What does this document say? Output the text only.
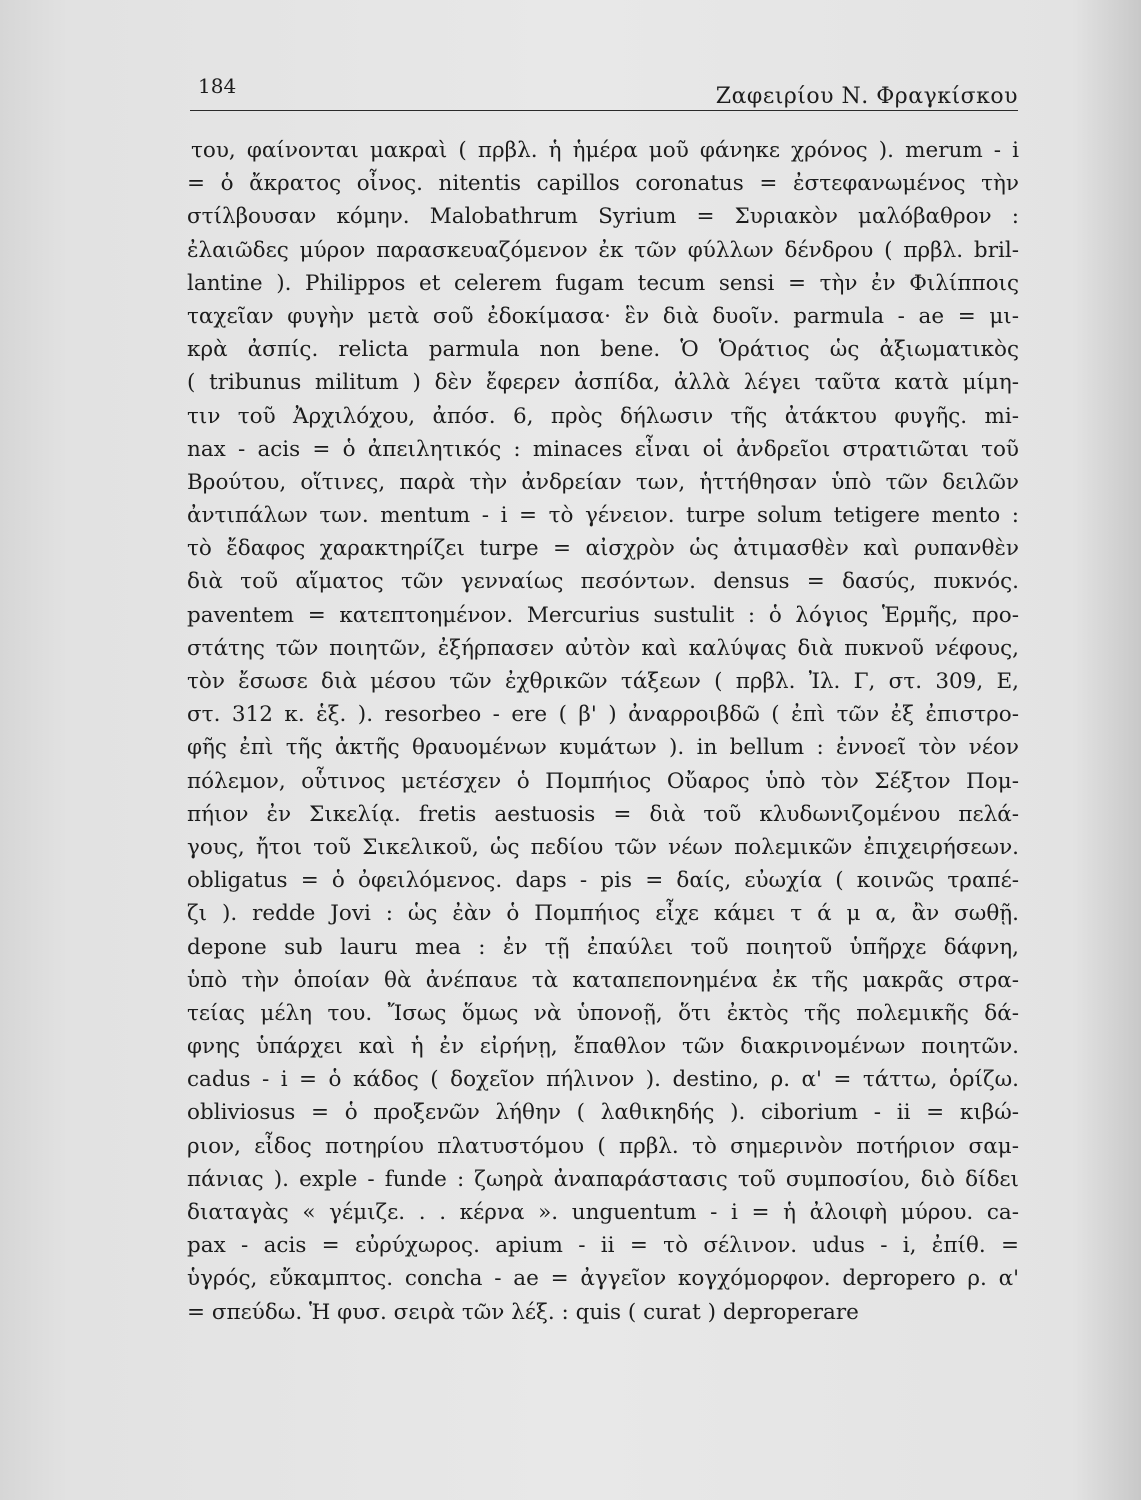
184	Ζαφειρίου Ν. Φραγκίσκου
του, φαίνονται μακραὶ ( πρβλ. ἡ ἡμέρα μοῦ φάνηκε χρόνος ). merum - i
= ὁ ἄκρατος οἶνος. nitentis capillos coronatus = ἐστεφανωμένος τὴν
στίλβουσαν κόμην. Malobathrum Syrium = Συριακὸν μαλόβαθρον :
ἐλαιῶδες μύρον παρασκευαζόμενον ἐκ τῶν φύλλων δένδρου ( πρβλ. bril-
lantine ). Philippos et celerem fugam tecum sensi = τὴν ἐν Φιλίπποις
ταχεῖαν φυγὴν μετὰ σοῦ ἐδοκίμασα· ἓν διὰ δυοῖν. parmula - ae = μι-
κρὰ ἀσπίς. relicta parmula non bene. Ὁ Ὁράτιος ὡς ἀξιωματικὸς
( tribunus militum ) δὲν ἔφερεν ἀσπίδα, ἀλλὰ λέγει ταῦτα κατὰ μίμη-
τιν τοῦ Ἀρχιλόχου, ἀπόσ. 6, πρὸς δήλωσιν τῆς ἀτάκτου φυγῆς. mi-
nax - acis = ὁ ἀπειλητικός : minaces εἶναι οἱ ἀνδρεῖοι στρατιῶται τοῦ
Βρούτου, οἵτινες, παρὰ τὴν ἀνδρείαν των, ἡττήθησαν ὑπὸ τῶν δειλῶν
ἀντιπάλων των. mentum - i = τὸ γένειον. turpe solum tetigere mento :
τὸ ἔδαφος χαρακτηρίζει turpe = αἰσχρὸν ὡς ἀτιμασθὲν καὶ ρυπανθὲν
διὰ τοῦ αἵματος τῶν γενναίως πεσόντων. densus = δασύς, πυκνός.
paventem = κατεπτοημένον. Mercurius sustulit : ὁ λόγιος Ἑρμῆς, προ-
στάτης τῶν ποιητῶν, ἐξήρπασεν αὐτὸν καὶ καλύψας διὰ πυκνοῦ νέφους,
τὸν ἔσωσε διὰ μέσου τῶν ἐχθρικῶν τάξεων ( πρβλ. Ἰλ. Γ, στ. 309, Ε,
στ. 312 κ. ἑξ. ). resorbeo - ere ( β' ) ἀναρροιβδῶ ( ἐπὶ τῶν ἐξ ἐπιστρο-
φῆς ἐπὶ τῆς ἀκτῆς θραυομένων κυμάτων ). in bellum : ἐννοεῖ τὸν νέον
πόλεμον, οὗτινος μετέσχεν ὁ Πομπήιος Οὔαρος ὑπὸ τὸν Σέξτον Πομ-
πήιον ἐν Σικελίᾳ. fretis aestuosis = διὰ τοῦ κλυδωνιζομένου πελά-
γους, ἤτοι τοῦ Σικελικοῦ, ὡς πεδίου τῶν νέων πολεμικῶν ἐπιχειρήσεων.
obligatus = ὁ ὀφειλόμενος. daps - pis = δαίς, εὐωχία ( κοινῶς τραπέ-
ζι ). redde Jovi : ὡς ἐὰν ὁ Πομπήιος εἶχε κάμει τ ά μ α, ἂν σωθῇ.
depone sub lauru mea : ἐν τῇ ἐπαύλει τοῦ ποιητοῦ ὑπῆρχε δάφνη,
ὑπὸ τὴν ὁποίαν θὰ ἀνέπαυε τὰ καταπεπονημένα ἐκ τῆς μακρᾶς στρα-
τείας μέλη του. Ἴσως ὅμως νὰ ὑπονοῇ, ὅτι ἐκτὸς τῆς πολεμικῆς δά-
φνης ὑπάρχει καὶ ἡ ἐν εἰρήνῃ, ἔπαθλον τῶν διακρινομένων ποιητῶν.
cadus - i = ὁ κάδος ( δοχεῖον πήλινον ). destino, ρ. α' = τάττω, ὁρίζω.
obliviosus = ὁ προξενῶν λήθην ( λαθικηδής ). ciborium - ii = κιβώ-
ριον, εἶδος ποτηρίου πλατυστόμου ( πρβλ. τὸ σημερινὸν ποτήριον σαμ-
πάνιας ). exple - funde : ζωηρὰ ἀναπαράστασις τοῦ συμποσίου, διὸ δίδει
διαταγὰς « γέμιζε. . . κέρνα ». unguentum - i = ἡ ἀλοιφὴ μύρου. ca-
pax - acis = εὐρύχωρος. apium - ii = τὸ σέλινον. udus - i, ἐπίθ. =
ὑγρός, εὔκαμπτος. concha - ae = ἀγγεῖον κογχόμορφον. depropero ρ. α'
= σπεύδω. Ἡ φυσ. σειρὰ τῶν λέξ. : quis ( curat ) deproperare
